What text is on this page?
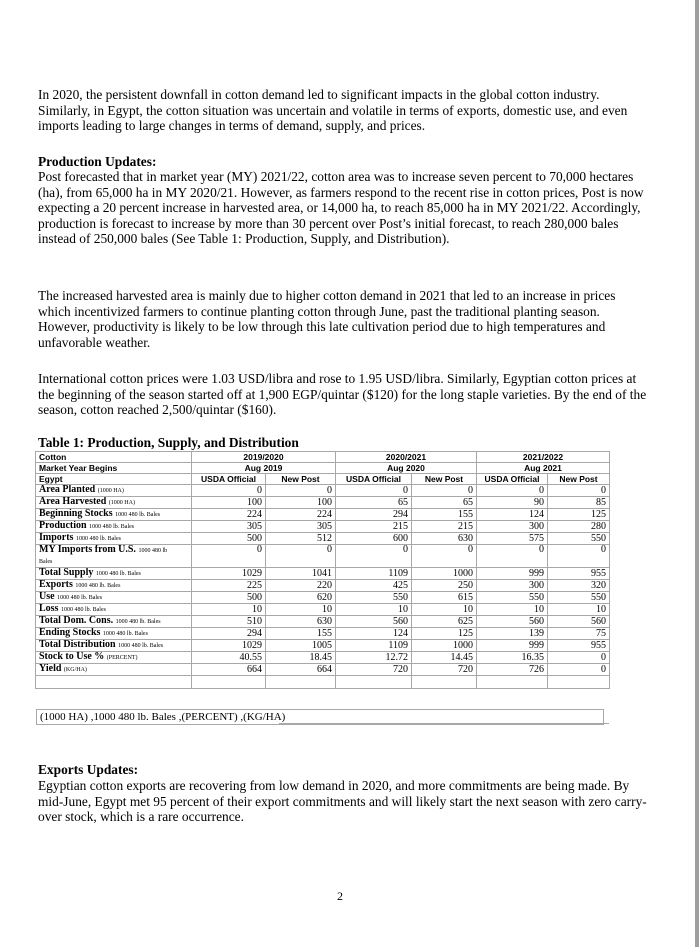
In 2020, the persistent downfall in cotton demand led to significant impacts in the global cotton industry. Similarly, in Egypt, the cotton situation was uncertain and volatile in terms of exports, domestic use, and even imports leading to large changes in terms of demand, supply, and prices.

Production Updates:

Post forecasted that in market year (MY) 2021/22, cotton area was to increase seven percent to 70,000 hectares (ha), from 65,000 ha in MY 2020/21. However, as farmers respond to the recent rise in cotton prices, Post is now expecting a 20 percent increase in harvested area, or 14,000 ha, to reach 85,000 ha in MY 2021/22. Accordingly, production is forecast to increase by more than 30 percent over Post’s initial forecast, to reach 280,000 bales instead of 250,000 bales (See Table 1: Production, Supply, and Distribution).

The increased harvested area is mainly due to higher cotton demand in 2021 that led to an increase in prices which incentivized farmers to continue planting cotton through June, past the traditional planting season. However, productivity is likely to be low through this late cultivation period due to high temperatures and unfavorable weather.

International cotton prices were 1.03 USD/libra and rose to 1.95 USD/libra. Similarly, Egyptian cotton prices at the beginning of the season started off at 1,900 EGP/quintar ($120) for the long staple varieties. By the end of the season, cotton reached 2,500/quintar ($160).

Table 1: Production, Supply, and Distribution
Cotton	2019/2020		2020/2021		2021/2022	
Market Year Begins	Aug 2019		Aug 2020		Aug 2021	
Egypt	USDA Official	New Post	USDA Official	New Post	USDA Official	New Post
Area Planted (1000 HA)	0	0	0	0	0	0
Area Harvested (1000 HA)	100	100	65	65	90	85
Beginning Stocks 1000 480 lb. Bales	224	224	294	155	124	125
Production 1000 480 lb. Bales	305	305	215	215	300	280
Imports 1000 480 lb. Bales	500	512	600	630	575	550
MY Imports from U.S. 1000 480 lb
Bales	0	0	0	0	0	0
Total Supply 1000 480 lb. Bales	1029	1041	1109	1000	999	955
Exports 1000 480 lb. Bales	225	220	425	250	300	320
Use 1000 480 lb. Bales	500	620	550	615	550	550
Loss 1000 480 lb. Bales	10	10	10	10	10	10
Total Dom. Cons. 1000 480 lb. Bales	510	630	560	625	560	560
Ending Stocks 1000 480 lb. Bales	294	155	124	125	139	75
Total Distribution 1000 480 lb. Bales	1029	1005	1109	1000	999	955
Stock to Use % (PERCENT)	40.55	18.45	12.72	14.45	16.35	0
Yield (KG/HA)	664	664	720	720	726	0

(1000 HA) ,1000 480 lb. Bales ,(PERCENT) ,(KG/HA)

Exports Updates:

Egyptian cotton exports are recovering from low demand in 2020, and more commitments are being made. By mid-June, Egypt met 95 percent of their export commitments and will likely start the next season with zero carry-over stock, which is a rare occurrence.

2
